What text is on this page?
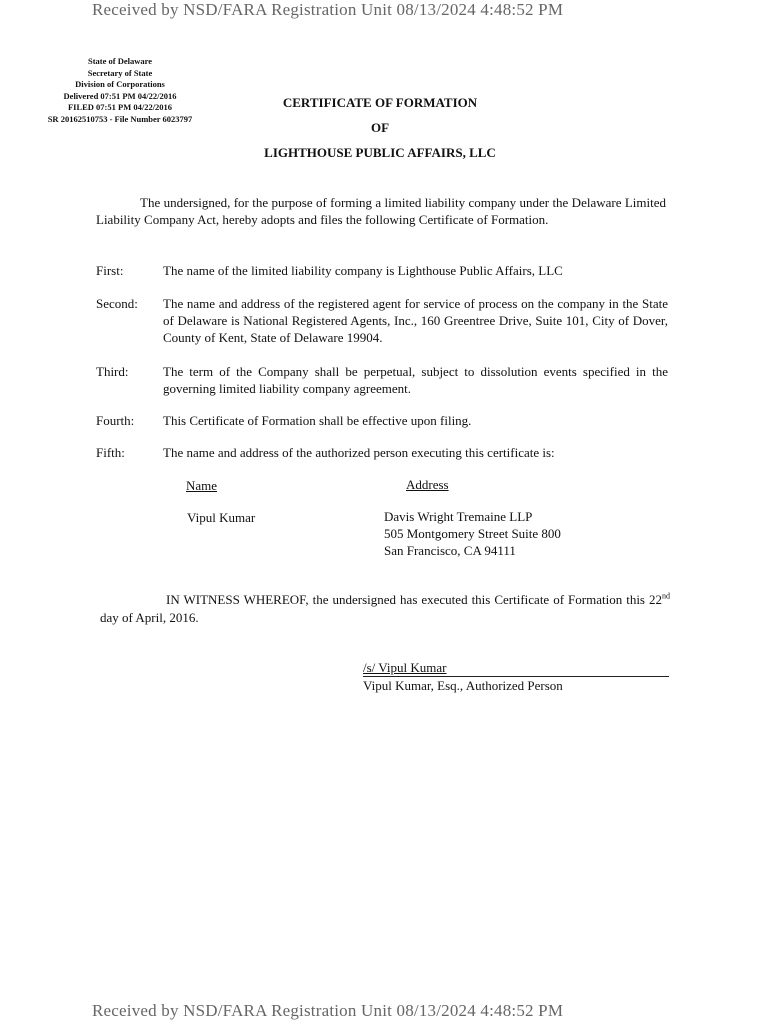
Received by NSD/FARA Registration Unit 08/13/2024 4:48:52 PM
State of Delaware
Secretary of State
Division of Corporations
Delivered 07:51 PM 04/22/2016
FILED 07:51 PM 04/22/2016
SR 20162510753 - File Number 6023797
CERTIFICATE OF FORMATION
OF
LIGHTHOUSE PUBLIC AFFAIRS, LLC

The undersigned, for the purpose of forming a limited liability company under the Delaware Limited Liability Company Act, hereby adopts and files the following Certificate of Formation.

First:	The name of the limited liability company is Lighthouse Public Affairs, LLC
Second:	The name and address of the registered agent for service of process on the company in the State of Delaware is National Registered Agents, Inc., 160 Greentree Drive, Suite 101, City of Dover, County of Kent, State of Delaware 19904.
Third:	The term of the Company shall be perpetual, subject to dissolution events specified in the governing limited liability company agreement.
Fourth:	This Certificate of Formation shall be effective upon filing.
Fifth:	The name and address of the authorized person executing this certificate is:
Name	Address
Vipul Kumar	Davis Wright Tremaine LLP
505 Montgomery Street Suite 800
San Francisco, CA 94111

IN WITNESS WHEREOF, the undersigned has executed this Certificate of Formation this 22nd day of April, 2016.

/s/ Vipul Kumar
Vipul Kumar, Esq., Authorized Person
Received by NSD/FARA Registration Unit 08/13/2024 4:48:52 PM
